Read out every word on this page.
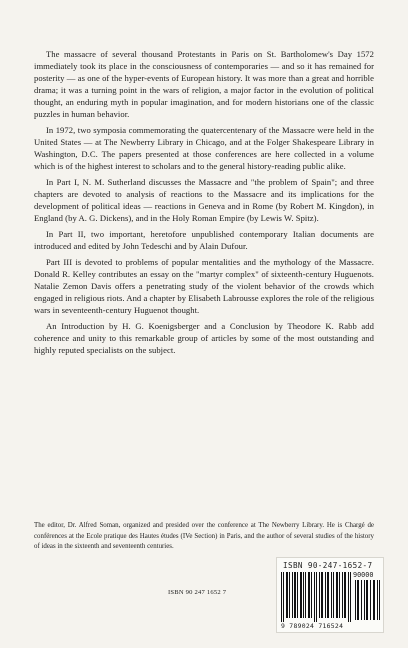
The massacre of several thousand Protestants in Paris on St. Bartholomew's Day 1572 immediately took its place in the consciousness of contemporaries — and so it has remained for posterity — as one of the hyper-events of European history. It was more than a great and horrible drama; it was a turning point in the wars of religion, a major factor in the evolution of political thought, an enduring myth in popular imagination, and for modern historians one of the classic puzzles in human behavior.

In 1972, two symposia commemorating the quatercentenary of the Massacre were held in the United States — at The Newberry Library in Chicago, and at the Folger Shakespeare Library in Washington, D.C. The papers presented at those conferences are here collected in a volume which is of the highest interest to scholars and to the general history-reading public alike.

In Part I, N. M. Sutherland discusses the Massacre and "the problem of Spain"; and three chapters are devoted to analysis of reactions to the Massacre and its implications for the development of political ideas — reactions in Geneva and in Rome (by Robert M. Kingdon), in England (by A. G. Dickens), and in the Holy Roman Empire (by Lewis W. Spitz).

In Part II, two important, heretofore unpublished contemporary Italian documents are introduced and edited by John Tedeschi and by Alain Dufour.

Part III is devoted to problems of popular mentalities and the mythology of the Massacre. Donald R. Kelley contributes an essay on the "martyr complex" of sixteenth-century Huguenots. Natalie Zemon Davis offers a penetrating study of the violent behavior of the crowds which engaged in religious riots. And a chapter by Elisabeth Labrousse explores the role of the religious wars in seventeenth-century Huguenot thought.

An Introduction by H. G. Koenigsberger and a Conclusion by Theodore K. Rabb add coherence and unity to this remarkable group of articles by some of the most outstanding and highly reputed specialists on the subject.

The editor, Dr. Alfred Soman, organized and presided over the conference at The Newberry Library. He is Chargé de conférences at the Ecole pratique des Hautes études (IVe Section) in Paris, and the author of several studies of the history of ideas in the sixteenth and seventeenth centuries.
ISBN 90 247 1652 7
ISBN 90-247-1652-7
90000
9 789024 716524
